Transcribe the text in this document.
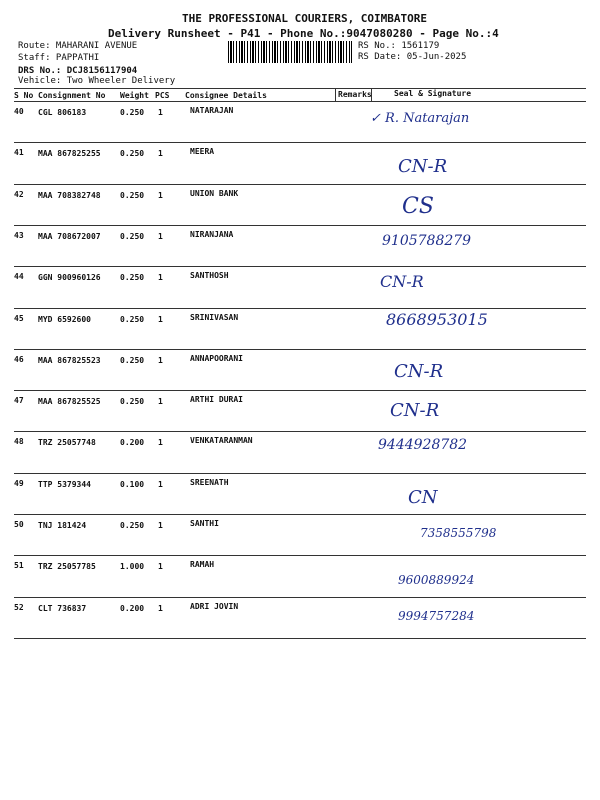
THE PROFESSIONAL COURIERS, COIMBATORE
Delivery Runsheet - P41 - Phone No.:9047080280 - Page No.:4
Route: MAHARANI AVENUE
Staff: PAPPATHI
DRS No.: DCJ8156117904
Vehicle: Two Wheeler Delivery
RS No.: 1561179
RS Date: 05-Jun-2025
S No Consignment No Weight PCS Consignee Details	Remarks	Seal & Signature
40 CGL 806183	0.250 1	NATARAJAN
✓ R. Natarajan
41 MAA 867825255 0.250 1	MEERA
CN-R
42 MAA 708382748 0.250 1	UNION BANK
CS
43 MAA 708672007 0.250 1	NIRANJANA	9105788279
44 GGN 900960126 0.250 1	SANTHOSH	CN-R
45 MYD 6592600	0.250 1	SRINIVASAN	8668953015
46 MAA 867825523 0.250 1	ANNAPOORANI
CN-R
47 MAA 867825525 0.250 1	ARTHI DURAI
CN-R
48 TRZ 25057748	0.200 1	VENKATARANMAN	9444928782
49 TTP 5379344	0.100 1	SREENATH
CN
50 TNJ 181424	0.250 1	SANTHI
7358555798
51 TRZ 25057785	1.000 1	RAMAH
9600889924
52 CLT 736837	0.200 1	ADRI JOVIN
9994757284
